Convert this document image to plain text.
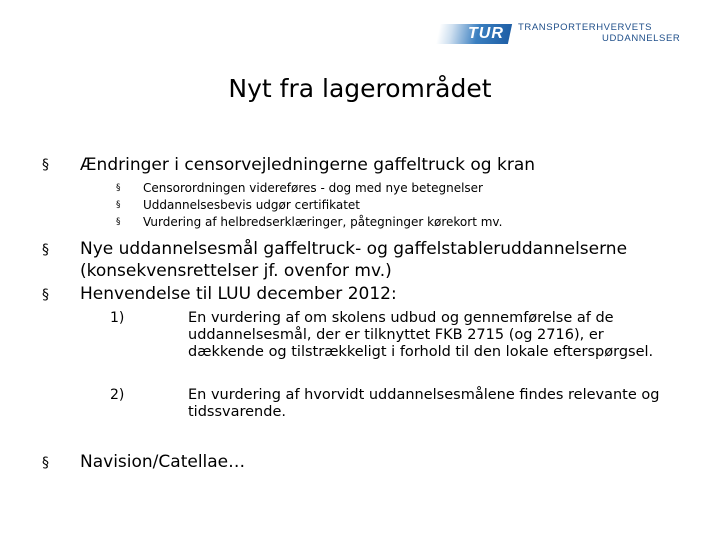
TUR	TRANSPORTERHVERVETS
UDDANNELSER
Nyt fra lagerområdet
§ Ændringer i censorvejledningerne gaffeltruck og kran
§ Censorordningen videreføres - dog med nye betegnelser
§ Uddannelsesbevis udgør certifikatet
§ Vurdering af helbredserklæringer, påtegninger kørekort mv.
§ Nye uddannelsesmål gaffeltruck- og gaffelstableruddannelserne
(konsekvensrettelser jf. ovenfor mv.)
§ Henvendelse til LUU december 2012:
1)	En vurdering af om skolens udbud og gennemførelse af de uddannelsesmål, der er tilknyttet FKB 2715 (og 2716), er dækkende og tilstrækkeligt i forhold til den lokale efterspørgsel.
2)	En vurdering af hvorvidt uddannelsesmålene findes relevante og tidssvarende.
§ Navision/Catellae…
